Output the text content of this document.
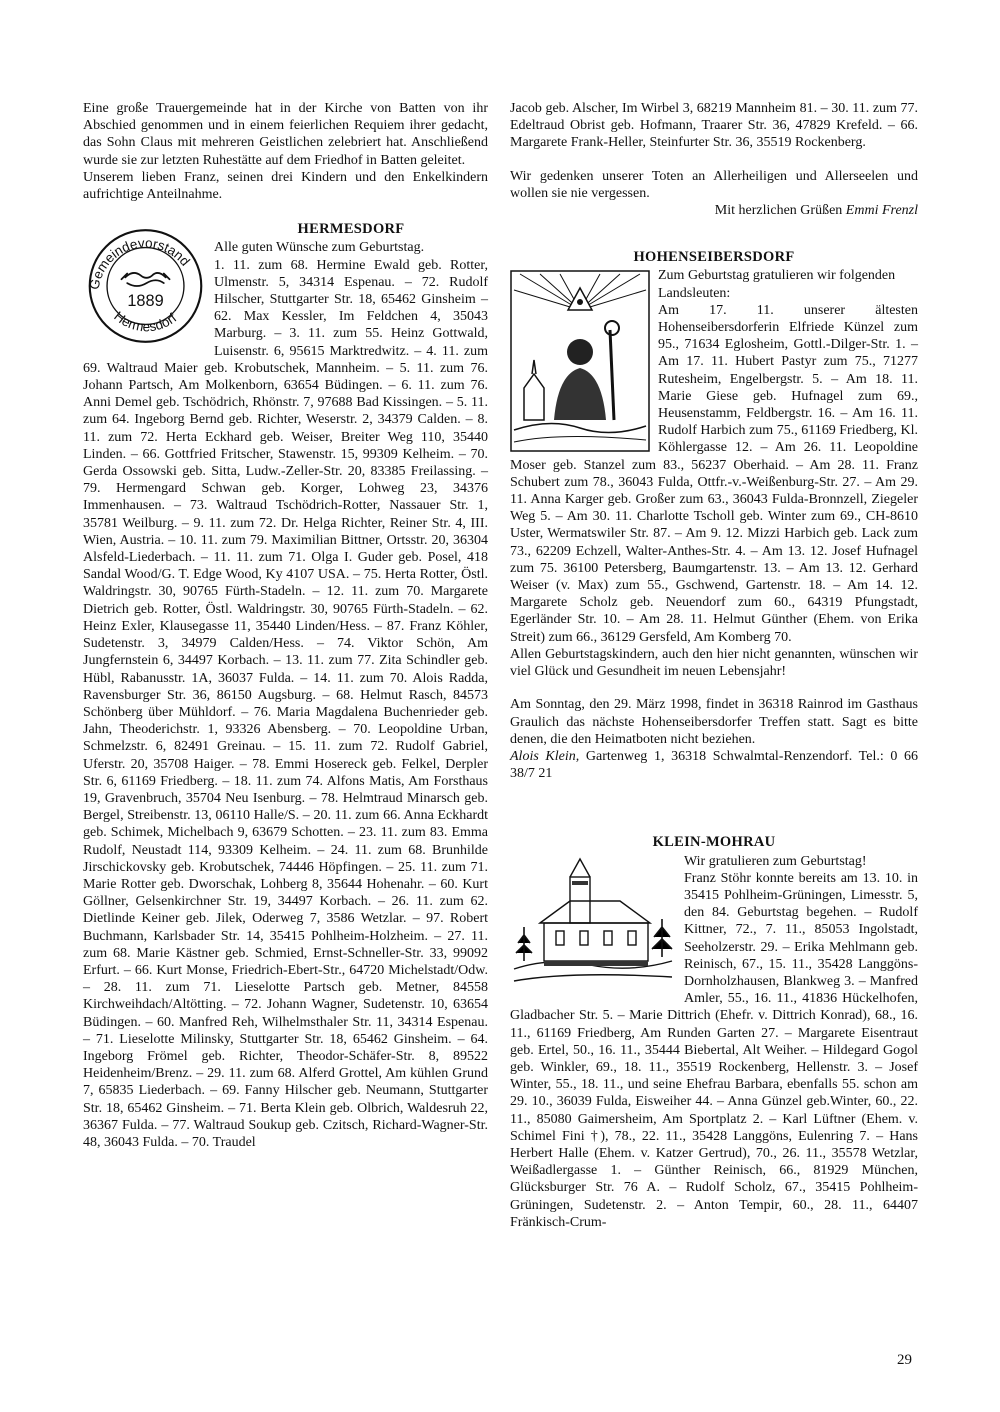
Eine große Trauergemeinde hat in der Kirche von Batten von ihr Abschied genommen und in einem feierlichen Requiem ihrer gedacht, das Sohn Claus mit mehreren Geistlichen zelebriert hat. Anschließend wurde sie zur letzten Ruhestätte auf dem Friedhof in Batten geleitet.

Unserem lieben Franz, seinen drei Kindern und den Enkelkindern aufrichtige Anteilnahme.

Gemeindevorstand
Hermesdorf
1889
HERMESDORF

Alle guten Wünsche zum Geburtstag.

1. 11. zum 68. Hermine Ewald geb. Rotter, Ulmenstr. 5, 34314 Espenau. – 72. Rudolf Hilscher, Stuttgarter Str. 18, 65462 Ginsheim – 62. Max Kessler, Im Feldchen 4, 35043 Marburg. – 3. 11. zum 55. Heinz Gottwald, Luisenstr. 6, 95615 Marktredwitz. – 4. 11. zum 69. Waltraud Maier geb. Krobutschek, Mannheim. – 5. 11. zum 76. Johann Partsch, Am Molkenborn, 63654 Büdingen. – 6. 11. zum 76. Anni Demel geb. Tschödrich, Rhönstr. 7, 97688 Bad Kissingen. – 5. 11. zum 64. Ingeborg Bernd geb. Richter, Weserstr. 2, 34379 Calden. – 8. 11. zum 72. Herta Eckhard geb. Weiser, Breiter Weg 110, 35440 Linden. – 66. Gottfried Fritscher, Stawenstr. 15, 99309 Kelheim. – 70. Gerda Ossowski geb. Sitta, Ludw.-Zeller-Str. 20, 83385 Freilassing. – 79. Hermengard Schwan geb. Korger, Lohweg 23, 34376 Immenhausen. – 73. Waltraud Tschödrich-Rotter, Nassauer Str. 1, 35781 Weilburg. – 9. 11. zum 72. Dr. Helga Richter, Reiner Str. 4, III. Wien, Austria. – 10. 11. zum 79. Maximilian Bittner, Ortsstr. 20, 36304 Alsfeld-Liederbach. – 11. 11. zum 71. Olga I. Guder geb. Posel, 418 Sandal Wood/G. T. Edge Wood, Ky 4107 USA. – 75. Herta Rotter, Östl. Waldringstr. 30, 90765 Fürth-Stadeln. – 12. 11. zum 70. Margarete Dietrich geb. Rotter, Östl. Waldringstr. 30, 90765 Fürth-Stadeln. – 62. Heinz Exler, Klausegasse 11, 35440 Linden/Hess. – 87. Franz Köhler, Sudetenstr. 3, 34979 Calden/Hess. – 74. Viktor Schön, Am Jungfernstein 6, 34497 Korbach. – 13. 11. zum 77. Zita Schindler geb. Hübl, Rabanusstr. 1A, 36037 Fulda. – 14. 11. zum 70. Alois Radda, Ravensburger Str. 36, 86150 Augsburg. – 68. Helmut Rasch, 84573 Schönberg über Mühldorf. – 76. Maria Magdalena Buchenrieder geb. Jahn, Theoderichstr. 1, 93326 Abensberg. – 70. Leopoldine Urban, Schmelzstr. 6, 82491 Greinau. – 15. 11. zum 72. Rudolf Gabriel, Uferstr. 20, 35708 Haiger. – 78. Emmi Hosereck geb. Felkel, Derpler Str. 6, 61169 Friedberg. – 18. 11. zum 74. Alfons Matis, Am Forsthaus 19, Gravenbruch, 35704 Neu Isenburg. – 78. Helmtraud Minarsch geb. Bergel, Streibenstr. 13, 06110 Halle/S. – 20. 11. zum 66. Anna Eckhardt geb. Schimek, Michelbach 9, 63679 Schotten. – 23. 11. zum 83. Emma Rudolf, Neustadt 114, 93309 Kelheim. – 24. 11. zum 68. Brunhilde Jirschickovsky geb. Krobutschek, 74446 Höpfingen. – 25. 11. zum 71. Marie Rotter geb. Dworschak, Lohberg 8, 35644 Hohenahr. – 60. Kurt Göllner, Gelsenkirchner Str. 19, 34497 Korbach. – 26. 11. zum 62. Dietlinde Keiner geb. Jilek, Oderweg 7, 3586 Wetzlar. – 97. Robert Buchmann, Karlsbader Str. 14, 35415 Pohlheim-Holzheim. – 27. 11. zum 68. Marie Kästner geb. Schmied, Ernst-Schneller-Str. 33, 99092 Erfurt. – 66. Kurt Monse, Friedrich-Ebert-Str., 64720 Michelstadt/Odw. – 28. 11. zum 71. Lieselotte Partsch geb. Metner, 84558 Kirchweihdach/Altötting. – 72. Johann Wagner, Sudetenstr. 10, 63654 Büdingen. – 60. Manfred Reh, Wilhelmsthaler Str. 11, 34314 Espenau. – 71. Lieselotte Milinsky, Stuttgarter Str. 18, 65462 Ginsheim. – 64. Ingeborg Frömel geb. Richter, Theodor-Schäfer-Str. 8, 89522 Heidenheim/Brenz. – 29. 11. zum 68. Alferd Grottel, Am kühlen Grund 7, 65835 Liederbach. – 69. Fanny Hilscher geb. Neumann, Stuttgarter Str. 18, 65462 Ginsheim. – 71. Berta Klein geb. Olbrich, Waldesruh 22, 36367 Fulda. – 77. Waltraud Soukup geb. Czitsch, Richard-Wagner-Str. 48, 36043 Fulda. – 70. Traudel

Jacob geb. Alscher, Im Wirbel 3, 68219 Mannheim 81. – 30. 11. zum 77. Edeltraud Obrist geb. Hofmann, Traarer Str. 36, 47829 Krefeld. – 66. Margarete Frank-Heller, Steinfurter Str. 36, 35519 Rockenberg.

Wir gedenken unserer Toten an Allerheiligen und Allerseelen und wollen sie nie vergessen.

Mit herzlichen Grüßen Emmi Frenzl

HOHENSEIBERSDORF

Zum Geburtstag gratulieren wir folgenden Landsleuten:

Am 17. 11. unserer ältesten Hohenseibersdorferin Elfriede Künzel zum 95., 71634 Eglosheim, Gottl.-Dilger-Str. 1. – Am 17. 11. Hubert Pastyr zum 75., 71277 Rutesheim, Engelbergstr. 5. – Am 18. 11. Marie Giese geb. Hufnagel zum 69., Heusenstamm, Feldbergstr. 16. – Am 16. 11. Rudolf Harbich zum 75., 61169 Friedberg, Kl. Köhlergasse 12. – Am 26. 11. Leopoldine Moser geb. Stanzel zum 83., 56237 Oberhaid. – Am 28. 11. Franz Schubert zum 78., 36043 Fulda, Ottfr.-v.-Weißenburg-Str. 27. – Am 29. 11. Anna Karger geb. Großer zum 63., 36043 Fulda-Bronnzell, Ziegeler Weg 5. – Am 30. 11. Charlotte Tscholl geb. Winter zum 69., CH-8610 Uster, Wermatswiler Str. 87. – Am 9. 12. Mizzi Harbich geb. Lack zum 73., 62209 Echzell, Walter-Anthes-Str. 4. – Am 13. 12. Josef Hufnagel zum 75. 36100 Petersberg, Baumgartenstr. 13. – Am 13. 12. Gerhard Weiser (v. Max) zum 55., Gschwend, Gartenstr. 18. – Am 14. 12. Margarete Scholz geb. Neuendorf zum 60., 64319 Pfungstadt, Egerländer Str. 10. – Am 28. 11. Helmut Günther (Ehem. von Erika Streit) zum 66., 36129 Gersfeld, Am Komberg 70.

Allen Geburtstagskindern, auch den hier nicht genannten, wünschen wir viel Glück und Gesundheit im neuen Lebensjahr!

Am Sonntag, den 29. März 1998, findet in 36318 Rainrod im Gasthaus Graulich das nächste Hohenseibersdorfer Treffen statt. Sagt es bitte denen, die den Heimatboten nicht beziehen.

Alois Klein, Gartenweg 1, 36318 Schwalmtal-Renzendorf. Tel.: 0 66 38/7 21

KLEIN-MOHRAU

Wir gratulieren zum Geburtstag!

Franz Stöhr konnte bereits am 13. 10. in 35415 Pohlheim-Grüningen, Limesstr. 5, den 84. Geburtstag begehen. – Rudolf Kittner, 72., 7. 11., 85053 Ingolstadt, Seeholzerstr. 29. – Erika Mehlmann geb. Reinisch, 67., 15. 11., 35428 Langgöns-Dornholzhausen, Blankweg 3. – Manfred Amler, 55., 16. 11., 41836 Hückelhofen, Gladbacher Str. 5. – Marie Dittrich (Ehefr. v. Dittrich Konrad), 68., 16. 11., 61169 Friedberg, Am Runden Garten 27. – Margarete Eisentraut geb. Ertel, 50., 16. 11., 35444 Biebertal, Alt Weiher. – Hildegard Gogol geb. Winkler, 69., 18. 11., 35519 Rockenberg, Hellenstr. 3. – Josef Winter, 55., 18. 11., und seine Ehefrau Barbara, ebenfalls 55. schon am 29. 10., 36039 Fulda, Eisweiher 44. – Anna Günzel geb.Winter, 60., 22. 11., 85080 Gaimersheim, Am Sportplatz 2. – Karl Lüftner (Ehem. v. Schimel Fini †), 78., 22. 11., 35428 Langgöns, Eulenring 7. – Hans Herbert Halle (Ehem. v. Katzer Gertrud), 70., 26. 11., 35578 Wetzlar, Weißadlergasse 1. – Günther Reinisch, 66., 81929 München, Glücksburger Str. 76 A. – Rudolf Scholz, 67., 35415 Pohlheim-Grüningen, Sudetenstr. 2. – Anton Tempir, 60., 28. 11., 64407 Fränkisch-Crum-

29
